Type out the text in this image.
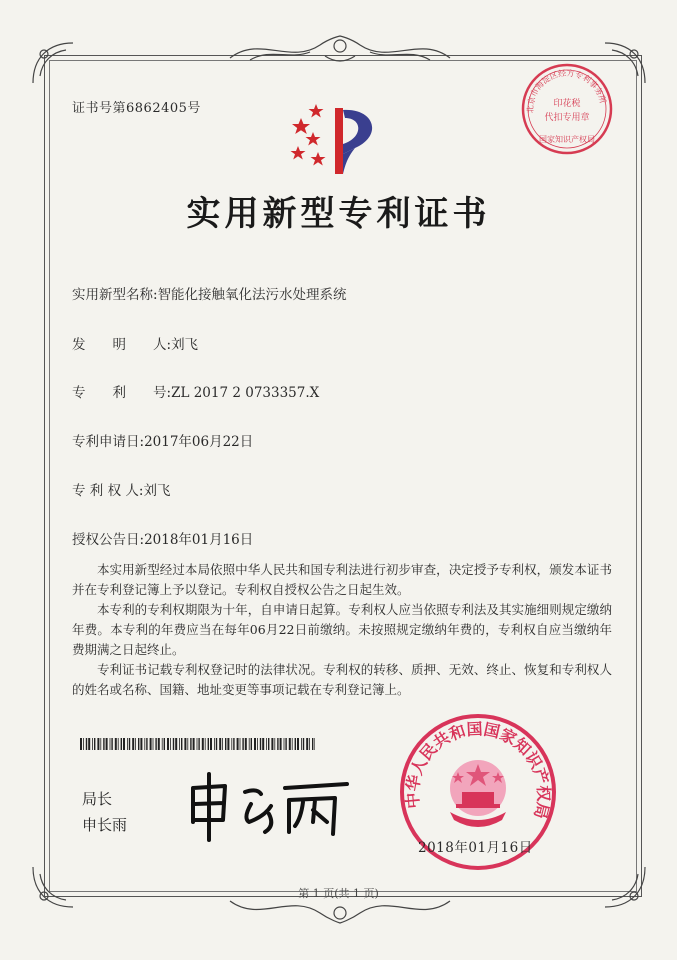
证书号第6862405号	北京市海淀区经方专利事务所
印花税
代扣专用章
国家知识产权局
实用新型专利证书
实用新型名称:智能化接触氧化法污水处理系统
发　　明　　人:刘飞
专　　利　　号:ZL 2017 2 0733357.X
专利申请日:2017年06月22日
专 利 权 人:刘飞
授权公告日:2018年01月16日

本实用新型经过本局依照中华人民共和国专利法进行初步审查，决定授予专利权，颁发本证书并在专利登记簿上予以登记。专利权自授权公告之日起生效。

本专利的专利权期限为十年，自申请日起算。专利权人应当依照专利法及其实施细则规定缴纳年费。本专利的年费应当在每年06月22日前缴纳。未按照规定缴纳年费的，专利权自应当缴纳年费期满之日起终止。

专利证书记载专利权登记时的法律状况。专利权的转移、质押、无效、终止、恢复和专利权人的姓名或名称、国籍、地址变更等事项记载在专利登记簿上。

局长
申长雨
中华人民共和国国家知识产权局
2018年01月16日
第 1 页(共 1 页)
